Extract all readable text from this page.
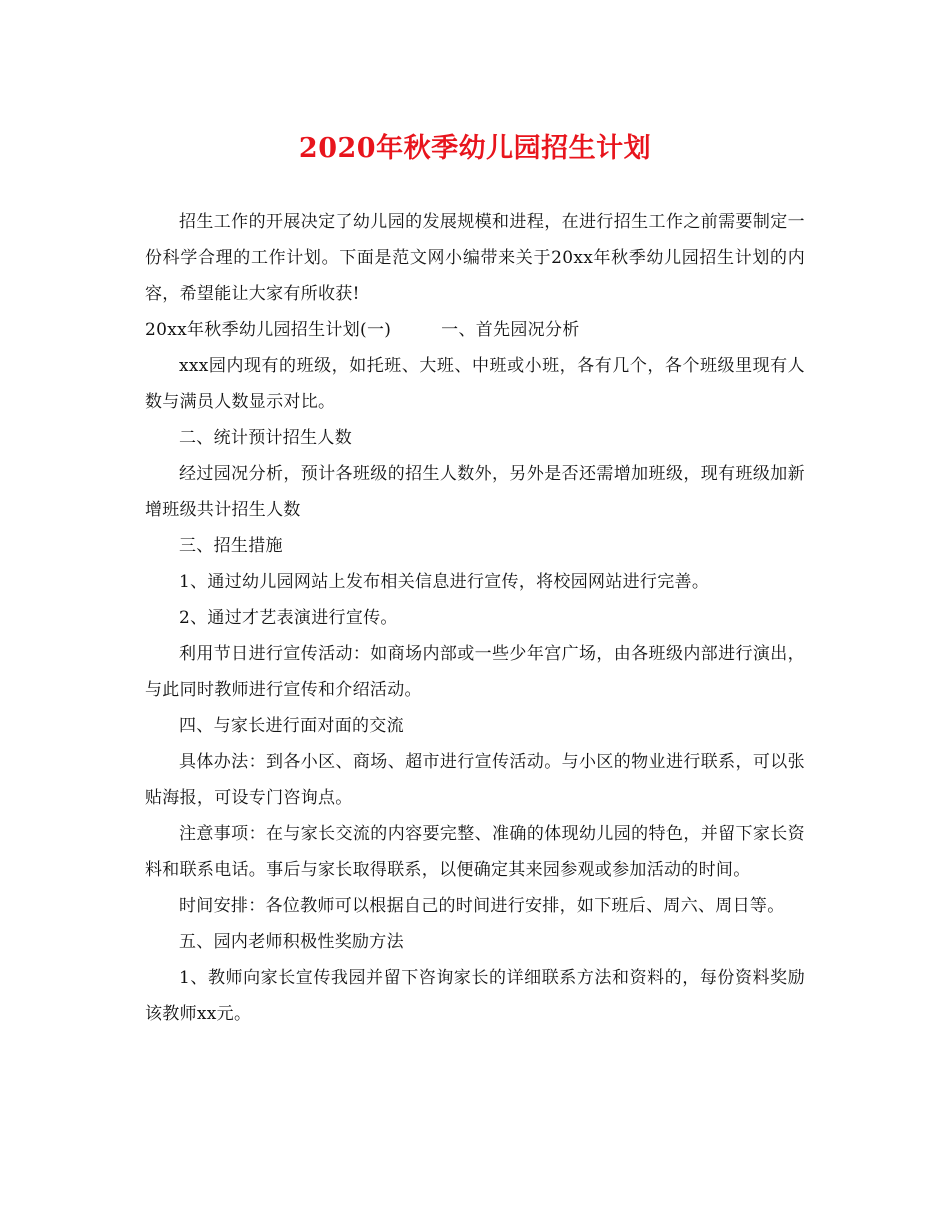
2020年秋季幼儿园招生计划

招生工作的开展决定了幼儿园的发展规模和进程，在进行招生工作之前需要制定一份科学合理的工作计划。下面是范文网小编带来关于20xx年秋季幼儿园招生计划的内容，希望能让大家有所收获!

20xx年秋季幼儿园招生计划(一)	一、首先园况分析

xxx园内现有的班级，如托班、大班、中班或小班，各有几个，各个班级里现有人数与满员人数显示对比。

二、统计预计招生人数

经过园况分析，预计各班级的招生人数外，另外是否还需增加班级，现有班级加新增班级共计招生人数

三、招生措施

1、通过幼儿园网站上发布相关信息进行宣传，将校园网站进行完善。

2、通过才艺表演进行宣传。

利用节日进行宣传活动：如商场内部或一些少年宫广场，由各班级内部进行演出，与此同时教师进行宣传和介绍活动。

四、与家长进行面对面的交流

具体办法：到各小区、商场、超市进行宣传活动。与小区的物业进行联系，可以张贴海报，可设专门咨询点。

注意事项：在与家长交流的内容要完整、准确的体现幼儿园的特色，并留下家长资料和联系电话。事后与家长取得联系，以便确定其来园参观或参加活动的时间。

时间安排：各位教师可以根据自己的时间进行安排，如下班后、周六、周日等。

五、园内老师积极性奖励方法

1、教师向家长宣传我园并留下咨询家长的详细联系方法和资料的，每份资料奖励该教师xx元。
